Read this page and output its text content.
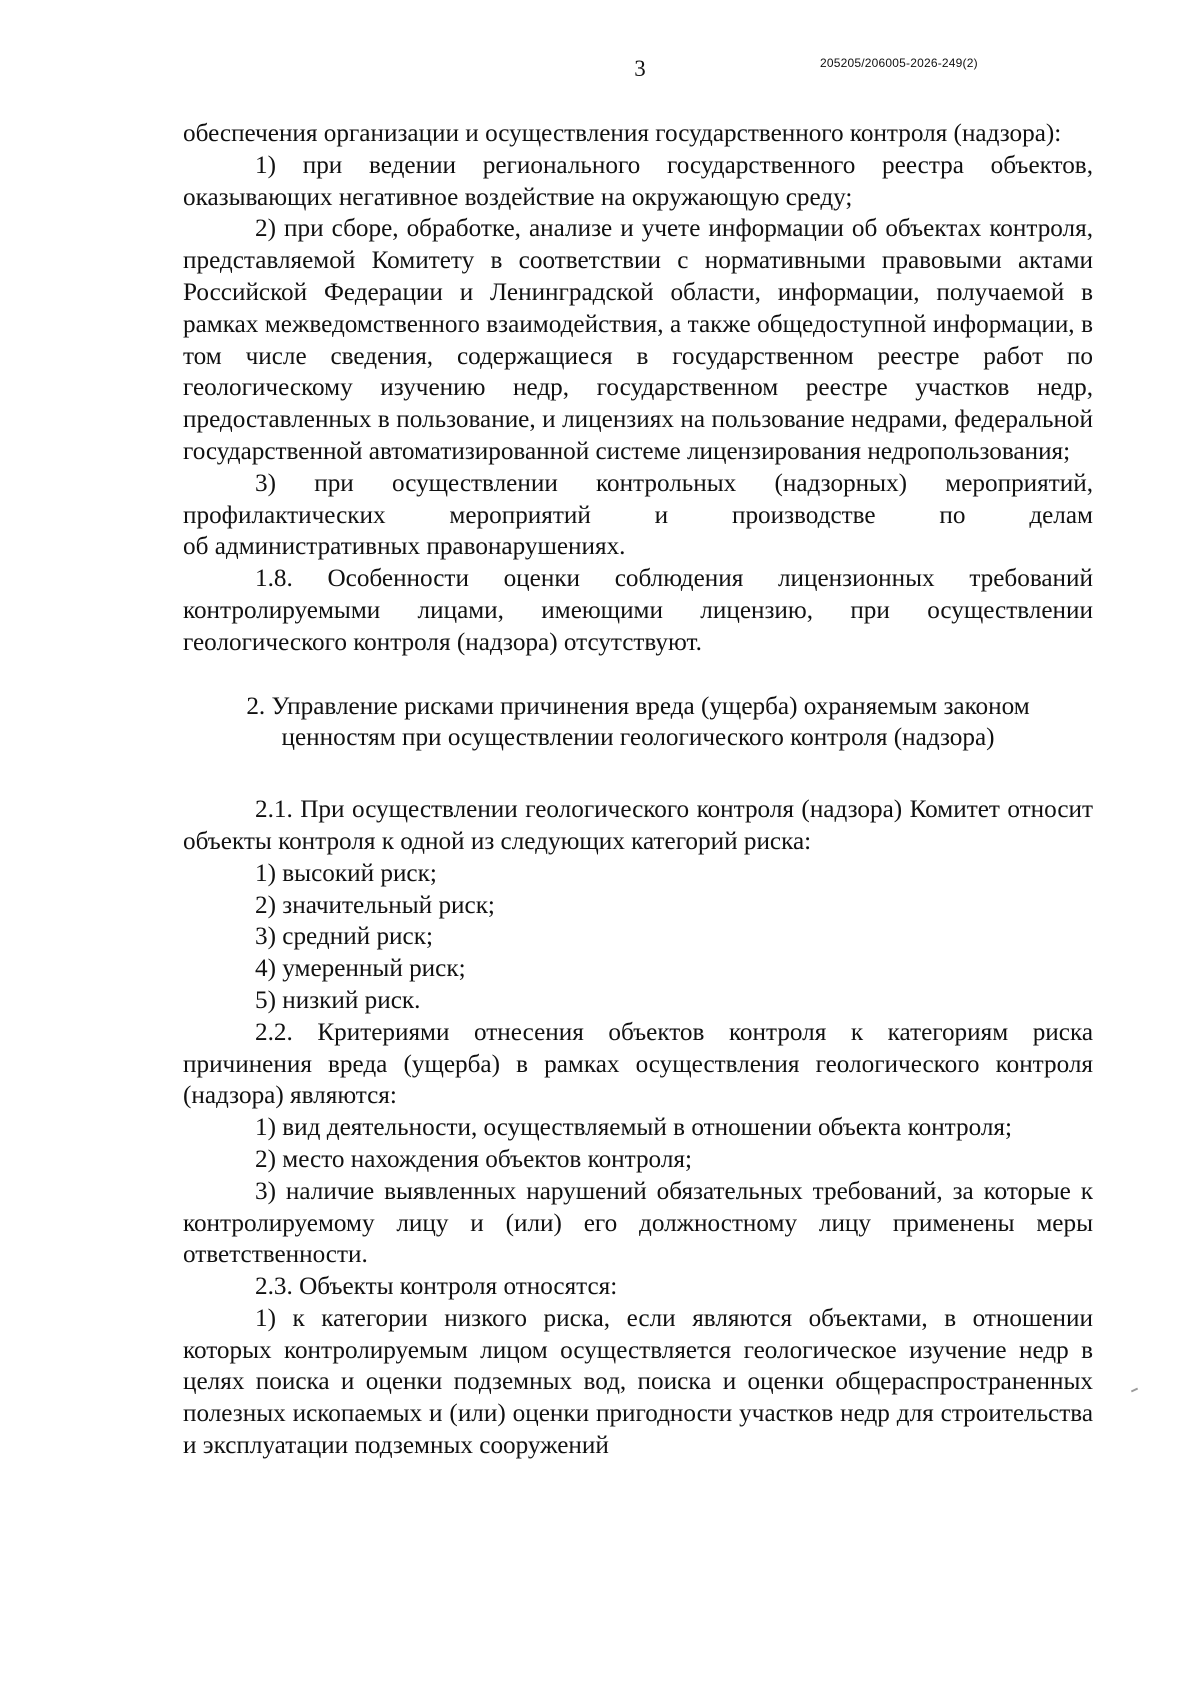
3	205205/206005-2026-249(2)

обеспечения организации и осуществления государственного контроля (надзора):

1) при ведении регионального государственного реестра объектов, оказывающих негативное воздействие на окружающую среду;

2) при сборе, обработке, анализе и учете информации об объектах контроля, представляемой Комитету в соответствии с нормативными правовыми актами Российской Федерации и Ленинградской области, информации, получаемой в рамках межведомственного взаимодействия, а также общедоступной информации, в том числе сведения, содержащиеся в государственном реестре работ по геологическому изучению недр, государственном реестре участков недр, предоставленных в пользование, и лицензиях на пользование недрами, федеральной государственной автоматизированной системе лицензирования недропользования;

3) при осуществлении контрольных (надзорных) мероприятий, профилактических мероприятий и производстве по делам

об административных правонарушениях.

1.8. Особенности оценки соблюдения лицензионных требований контролируемыми лицами, имеющими лицензию, при осуществлении геологического контроля (надзора) отсутствуют.

2. Управление рисками причинения вреда (ущерба) охраняемым законом ценностям при осуществлении геологического контроля (надзора)

2.1. При осуществлении геологического контроля (надзора) Комитет относит объекты контроля к одной из следующих категорий риска:

1) высокий риск;

2) значительный риск;

3) средний риск;

4) умеренный риск;

5) низкий риск.

2.2. Критериями отнесения объектов контроля к категориям риска причинения вреда (ущерба) в рамках осуществления геологического контроля (надзора) являются:

1) вид деятельности, осуществляемый в отношении объекта контроля;

2) место нахождения объектов контроля;

3) наличие выявленных нарушений обязательных требований, за которые к контролируемому лицу и (или) его должностному лицу применены меры ответственности.

2.3. Объекты контроля относятся:

1) к категории низкого риска, если являются объектами, в отношении которых контролируемым лицом осуществляется геологическое изучение недр в целях поиска и оценки подземных вод, поиска и оценки общераспространенных полезных ископаемых и (или) оценки пригодности участков недр для строительства и эксплуатации подземных сооружений
